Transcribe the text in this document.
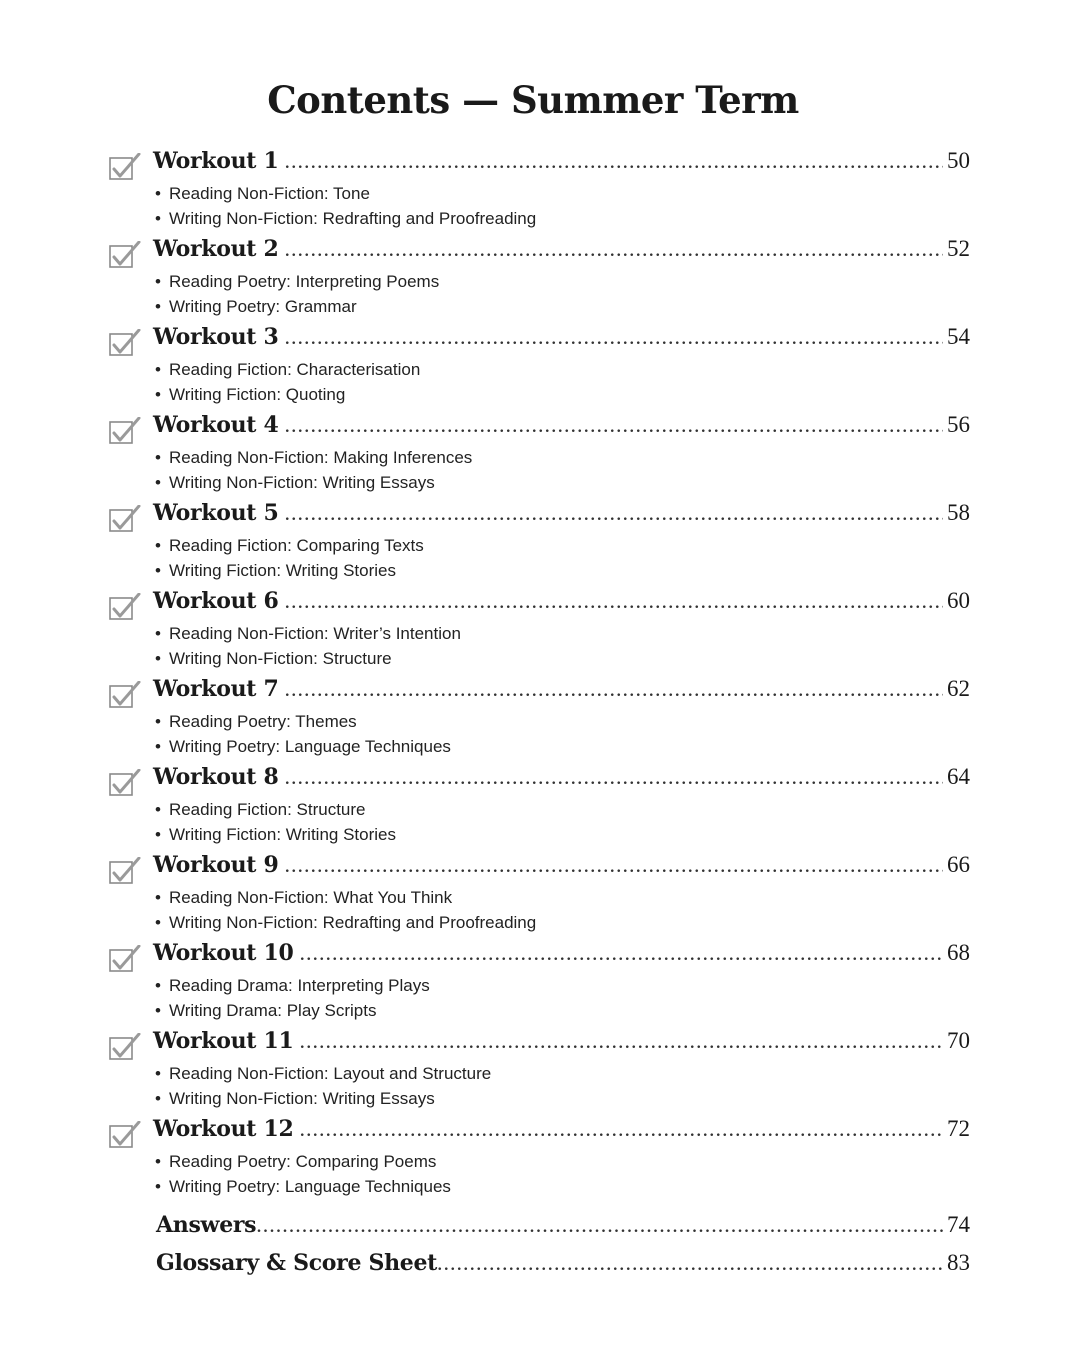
Contents — Summer Term
Workout 1 .....	50
• Reading Non-Fiction: Tone
• Writing Non-Fiction: Redrafting and Proofreading
Workout 2 .....	52
• Reading Poetry: Interpreting Poems
• Writing Poetry: Grammar
Workout 3 .....	54
• Reading Fiction: Characterisation
• Writing Fiction: Quoting
Workout 4 .....	56
• Reading Non-Fiction: Making Inferences
• Writing Non-Fiction: Writing Essays
Workout 5 .....	58
• Reading Fiction: Comparing Texts
• Writing Fiction: Writing Stories
Workout 6 .....	60
• Reading Non-Fiction: Writer’s Intention
• Writing Non-Fiction: Structure
Workout 7 .....	62
• Reading Poetry: Themes
• Writing Poetry: Language Techniques
Workout 8 .....	64
• Reading Fiction: Structure
• Writing Fiction: Writing Stories
Workout 9 .....	66
• Reading Non-Fiction: What You Think
• Writing Non-Fiction: Redrafting and Proofreading
Workout 10 .....	68
• Reading Drama: Interpreting Plays
• Writing Drama: Play Scripts
Workout 11 .....	70
• Reading Non-Fiction: Layout and Structure
• Writing Non-Fiction: Writing Essays
Workout 12 .....	72
• Reading Poetry: Comparing Poems
• Writing Poetry: Language Techniques
Answers .....	74
Glossary & Score Sheet .....	83
